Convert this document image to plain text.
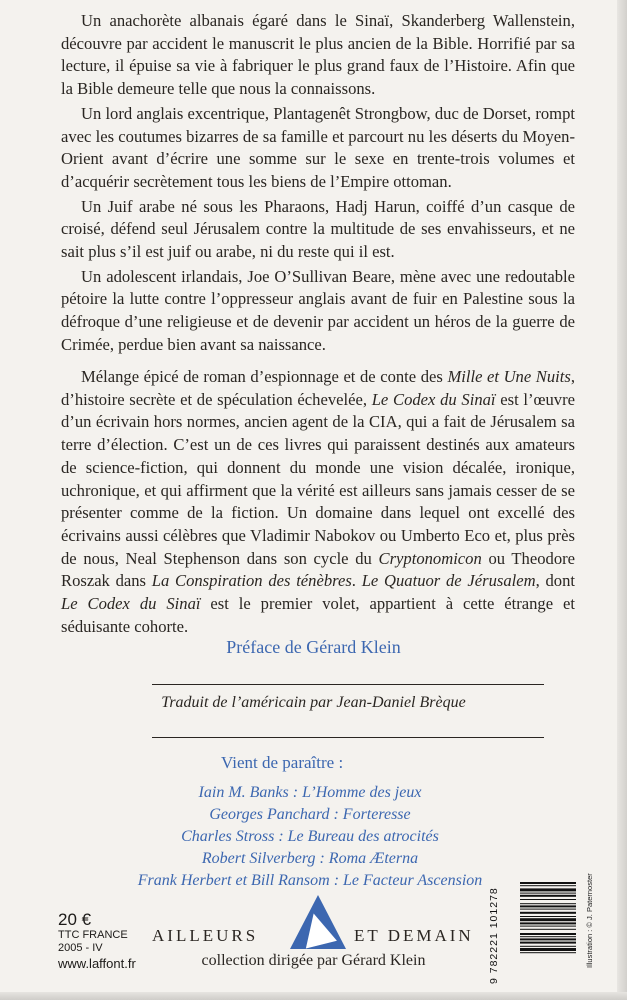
Un anachorète albanais égaré dans le Sinaï, Skanderberg Wallenstein, découvre par accident le manuscrit le plus ancien de la Bible. Horrifié par sa lecture, il épuise sa vie à fabriquer le plus grand faux de l’Histoire. Afin que la Bible demeure telle que nous la connaissons.

Un lord anglais excentrique, Plantagenêt Strongbow, duc de Dorset, rompt avec les coutumes bizarres de sa famille et parcourt nu les déserts du Moyen-Orient avant d’écrire une somme sur le sexe en trente-trois volumes et d’acquérir secrètement tous les biens de l’Empire ottoman.

Un Juif arabe né sous les Pharaons, Hadj Harun, coiffé d’un casque de croisé, défend seul Jérusalem contre la multitude de ses envahisseurs, et ne sait plus s’il est juif ou arabe, ni du reste qui il est.

Un adolescent irlandais, Joe O’Sullivan Beare, mène avec une redoutable pétoire la lutte contre l’oppresseur anglais avant de fuir en Palestine sous la défroque d’une religieuse et de devenir par accident un héros de la guerre de Crimée, perdue bien avant sa naissance.

Mélange épicé de roman d’espionnage et de conte des Mille et Une Nuits, d’histoire secrète et de spéculation échevelée, Le Codex du Sinaï est l’œuvre d’un écrivain hors normes, ancien agent de la CIA, qui a fait de Jérusalem sa terre d’élection. C’est un de ces livres qui paraissent destinés aux amateurs de science-fiction, qui donnent du monde une vision décalée, ironique, uchronique, et qui affirment que la vérité est ailleurs sans jamais cesser de se présenter comme de la fiction. Un domaine dans lequel ont excellé des écrivains aussi célèbres que Vladimir Nabokov ou Umberto Eco et, plus près de nous, Neal Stephenson dans son cycle du Cryptonomicon ou Theodore Roszak dans La Conspiration des ténèbres. Le Quatuor de Jérusalem, dont Le Codex du Sinaï est le premier volet, appartient à cette étrange et séduisante cohorte.

Préface de Gérard Klein
Traduit de l’américain par Jean-Daniel Brèque
Vient de paraître :
Iain M. Banks : L’Homme des jeux
Georges Panchard : Forteresse
Charles Stross : Le Bureau des atrocités
Robert Silverberg : Roma Æterna
Frank Herbert et Bill Ransom : Le Facteur Ascension
20 €
TTC FRANCE
2005 - IV
www.laffont.fr
AILLEURS	ET DEMAIN
collection dirigée par Gérard Klein	9 782221 101278	Illustration : © J. Paternoster
